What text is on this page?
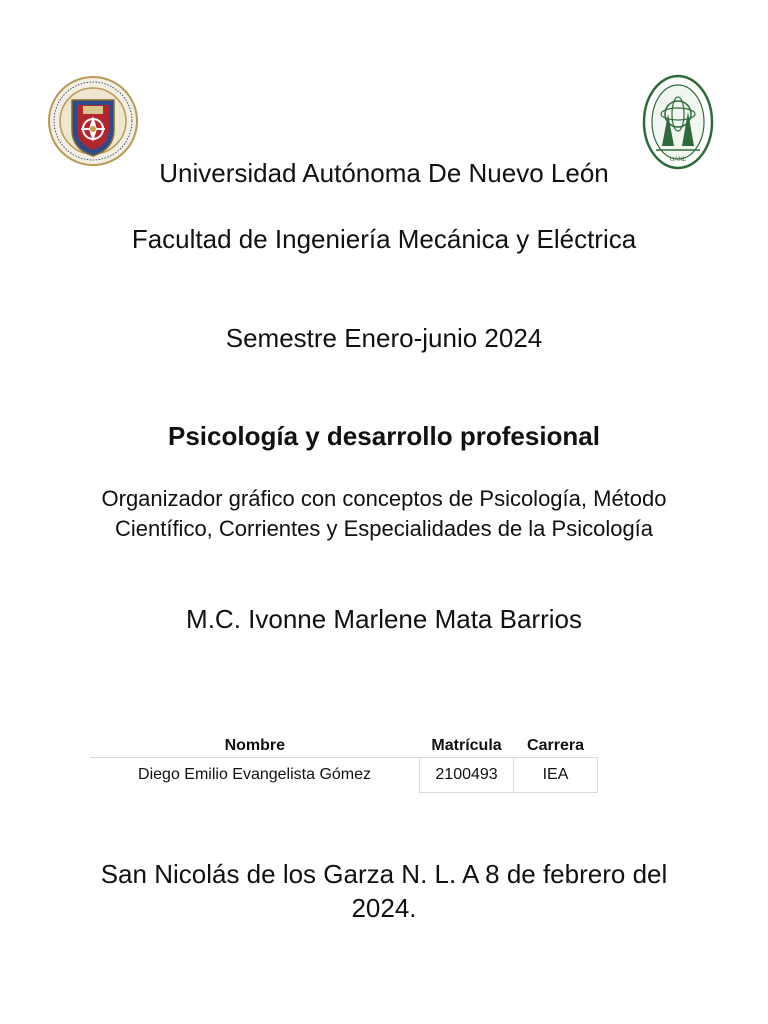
UANL
Universidad Autónoma De Nuevo León
Facultad de Ingeniería Mecánica y Eléctrica
Semestre Enero-junio 2024
Psicología y desarrollo profesional
Organizador gráfico con conceptos de Psicología, Método Científico, Corrientes y Especialidades de la Psicología
M.C. Ivonne Marlene Mata Barrios
Nombre	Matrícula	Carrera
Diego Emilio Evangelista Gómez	2100493	IEA
San Nicolás de los Garza N. L. A 8 de febrero del 2024.
